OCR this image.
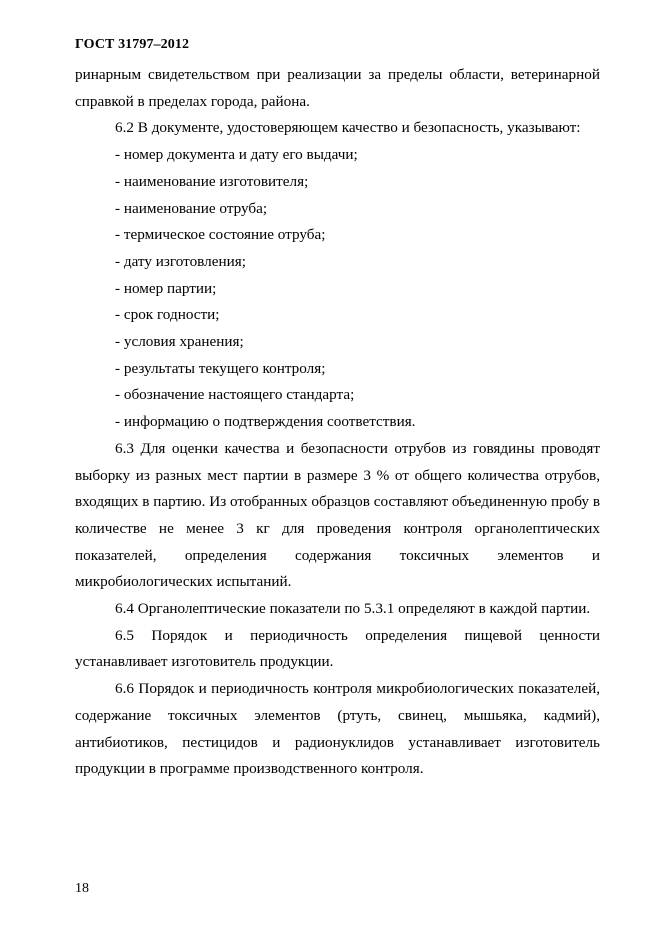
ГОСТ 31797–2012

ринарным свидетельством при реализации за пределы области, ветеринарной справкой в пределах города, района.

6.2 В документе, удостоверяющем качество и безопасность, указывают:

- номер документа и дату его выдачи;

- наименование изготовителя;

- наименование отруба;

- термическое состояние отруба;

- дату изготовления;

- номер партии;

- срок годности;

- условия хранения;

- результаты текущего контроля;

- обозначение настоящего стандарта;

- информацию о подтверждения соответствия.

6.3 Для оценки качества и безопасности отрубов из говядины проводят выборку из разных мест партии в размере 3 % от общего количества отрубов, входящих в партию. Из отобранных образцов составляют объединенную пробу в количестве не менее 3 кг для проведения контроля органолептических показателей, определения содержания токсичных элементов и микробиологических испытаний.

6.4 Органолептические показатели по 5.3.1 определяют в каждой партии.

6.5 Порядок и периодичность определения пищевой ценности устанавливает изготовитель продукции.

6.6 Порядок и периодичность контроля микробиологических показателей, содержание токсичных элементов (ртуть, свинец, мышьяка, кадмий), антибиотиков, пестицидов и радионуклидов устанавливает изготовитель продукции в программе производственного контроля.

18
